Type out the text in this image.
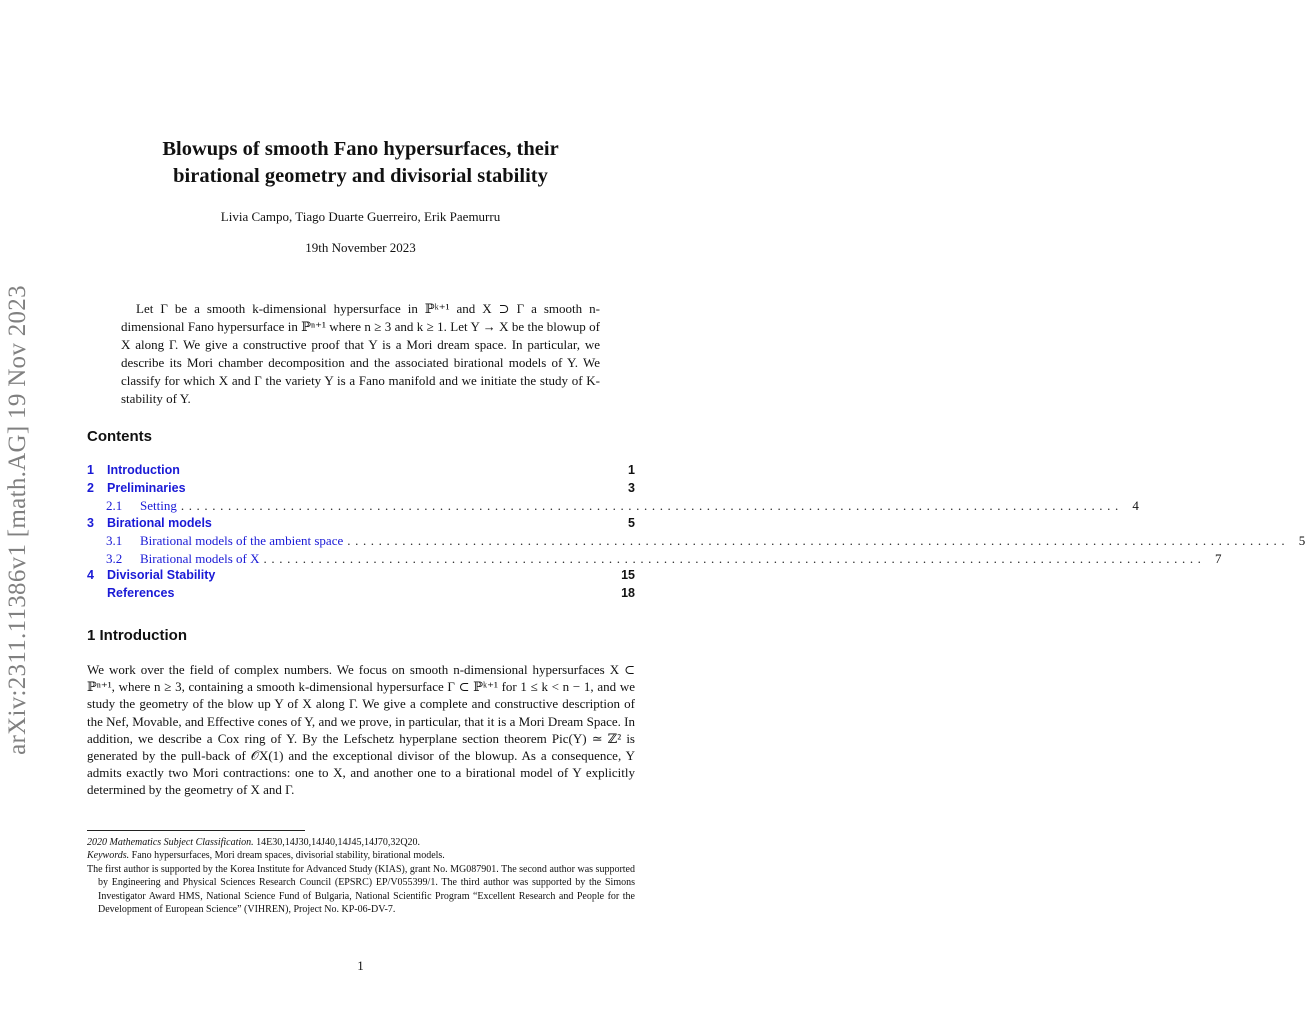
arXiv:2311.11386v1 [math.AG] 19 Nov 2023
Blowups of smooth Fano hypersurfaces, their
birational geometry and divisorial stability
Livia Campo, Tiago Duarte Guerreiro, Erik Paemurru
19th November 2023

Let Γ be a smooth k-dimensional hypersurface in ℙᵏ⁺¹ and X ⊃ Γ a smooth n-dimensional Fano hypersurface in ℙⁿ⁺¹ where n ≥ 3 and k ≥ 1. Let Y → X be the blowup of X along Γ. We give a constructive proof that Y is a Mori dream space. In particular, we describe its Mori chamber decomposition and the associated birational models of Y. We classify for which X and Γ the variety Y is a Fano manifold and we initiate the study of K-stability of Y.

Contents
1	Introduction	1
2	Preliminaries	3
2.1	Setting ........................................................................................................................ 4
3	Birational models	5
3.1	Birational models of the ambient space ........................................................................................................................ 5
3.2	Birational models of X ........................................................................................................................ 7
4	Divisorial Stability	15
References	18
1 Introduction

We work over the field of complex numbers. We focus on smooth n-dimensional hypersurfaces X ⊂ ℙⁿ⁺¹, where n ≥ 3, containing a smooth k-dimensional hypersurface Γ ⊂ ℙᵏ⁺¹ for 1 ≤ k < n − 1, and we study the geometry of the blow up Y of X along Γ. We give a complete and constructive description of the Nef, Movable, and Effective cones of Y, and we prove, in particular, that it is a Mori Dream Space. In addition, we describe a Cox ring of Y. By the Lefschetz hyperplane section theorem Pic(Y) ≃ ℤ² is generated by the pull-back of 𝒪X(1) and the exceptional divisor of the blowup. As a consequence, Y admits exactly two Mori contractions: one to X, and another one to a birational model of Y explicitly determined by the geometry of X and Γ.

2020 Mathematics Subject Classification. 14E30,14J30,14J40,14J45,14J70,32Q20.

Keywords. Fano hypersurfaces, Mori dream spaces, divisorial stability, birational models.

The first author is supported by the Korea Institute for Advanced Study (KIAS), grant No. MG087901. The second author was supported by Engineering and Physical Sciences Research Council (EPSRC) EP/V055399/1. The third author was supported by the Simons Investigator Award HMS, National Science Fund of Bulgaria, National Scientific Program “Excellent Research and People for the Development of European Science” (VIHREN), Project No. KP-06-DV-7.

1
